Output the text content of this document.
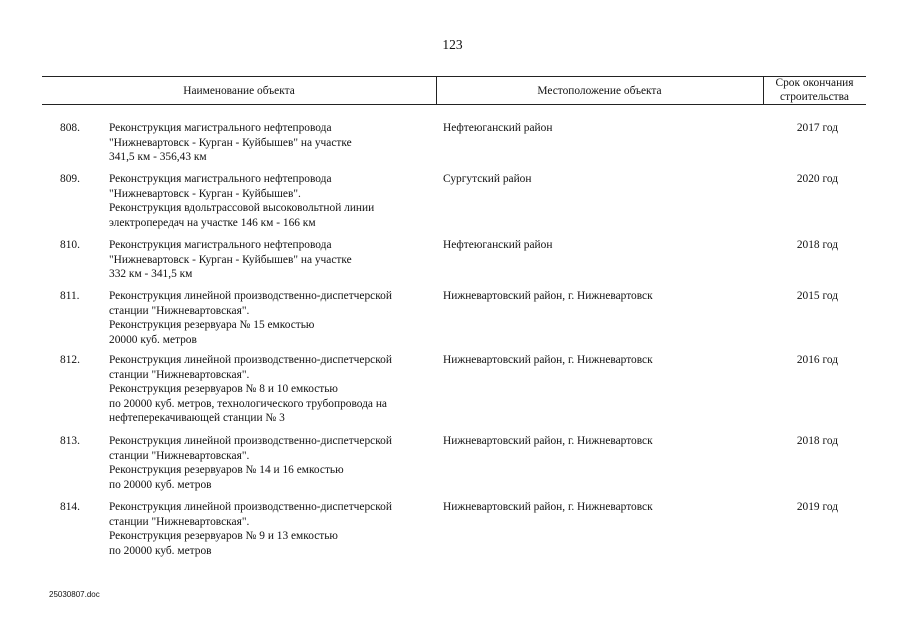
123
Наименование объекта	Местоположение объекта
Срок окончания строительства
808.	Реконструкция магистрального нефтепровода
"Нижневартовск - Курган - Куйбышев" на участке
341,5 км - 356,43 км
Нефтеюганский район	2017 год
809.	Реконструкция магистрального нефтепровода
"Нижневартовск - Курган - Куйбышев".
Реконструкция вдольтрассовой высоковольтной линии
электропередач на участке 146 км - 166 км
Сургутский район	2020 год
810.	Реконструкция магистрального нефтепровода
"Нижневартовск - Курган - Куйбышев" на участке
332 км - 341,5 км
Нефтеюганский район	2018 год
811.	Реконструкция линейной производственно-диспетчерской
станции "Нижневартовская".
Реконструкция резервуара № 15 емкостью
20000 куб. метров
Нижневартовский район, г. Нижневартовск	2015 год
812.	Реконструкция линейной производственно-диспетчерской
станции "Нижневартовская".
Реконструкция резервуаров № 8 и 10 емкостью
по 20000 куб. метров, технологического трубопровода на
нефтеперекачивающей станции № 3
Нижневартовский район, г. Нижневартовск	2016 год
813.	Реконструкция линейной производственно-диспетчерской
станции "Нижневартовская".
Реконструкция резервуаров № 14 и 16 емкостью
по 20000 куб. метров
Нижневартовский район, г. Нижневартовск	2018 год
814.	Реконструкция линейной производственно-диспетчерской
станции "Нижневартовская".
Реконструкция резервуаров № 9 и 13 емкостью
по 20000 куб. метров
Нижневартовский район, г. Нижневартовск	2019 год
25030807.doc
